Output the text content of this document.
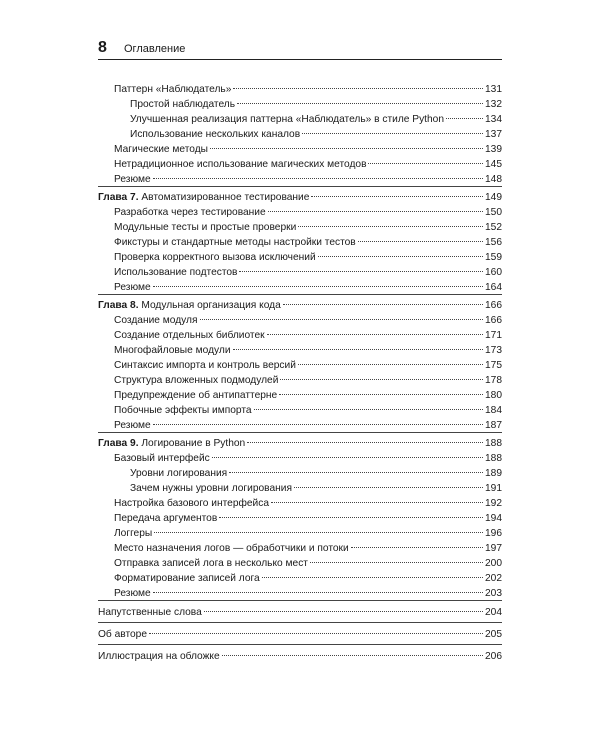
8 Оглавление
Паттерн «Наблюдатель»	131
Простой наблюдатель	132
Улучшенная реализация паттерна «Наблюдатель» в стиле Python	134
Использование нескольких каналов	137
Магические методы	139
Нетрадиционное использование магических методов	145
Резюме	148
Глава 7. Автоматизированное тестирование	149
Разработка через тестирование	150
Модульные тесты и простые проверки	152
Фикстуры и стандартные методы настройки тестов	156
Проверка корректного вызова исключений	159
Использование подтестов	160
Резюме	164
Глава 8. Модульная организация кода	166
Создание модуля	166
Создание отдельных библиотек	171
Многофайловые модули	173
Синтаксис импорта и контроль версий	175
Структура вложенных подмодулей	178
Предупреждение об антипаттерне	180
Побочные эффекты импорта	184
Резюме	187
Глава 9. Логирование в Python	188
Базовый интерфейс	188
Уровни логирования	189
Зачем нужны уровни логирования	191
Настройка базового интерфейса	192
Передача аргументов	194
Логгеры	196
Место назначения логов — обработчики и потоки	197
Отправка записей лога в несколько мест	200
Форматирование записей лога	202
Резюме	203
Напутственные слова	204
Об авторе	205
Иллюстрация на обложке	206
